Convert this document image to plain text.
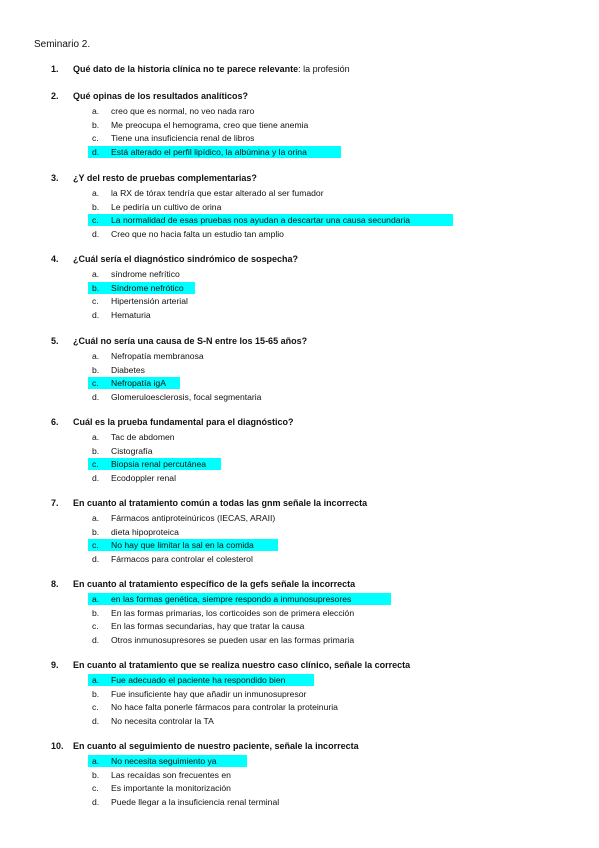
Seminario 2.
1.	Qué dato de la historia clínica no te parece relevante: la profesión
2.	Qué opinas de los resultados analíticos?
a. creo que es normal, no veo nada raro
b. Me preocupa el hemograma, creo que tiene anemia
c. Tiene una insuficiencia renal de libros
d. Está alterado el perfil lipídico, la albúmina y la orina
3.	¿Y del resto de pruebas complementarias?
a. la RX de tórax tendría que estar alterado al ser fumador
b. Le pediría un cultivo de orina
c. La normalidad de esas pruebas nos ayudan a descartar una causa secundaria
d. Creo que no hacia falta un estudio tan amplio
4.	¿Cuál sería el diagnóstico sindrómico de sospecha?
a. síndrome nefrítico
b. Síndrome nefrótico
c. Hipertensión arterial
d. Hematuria
5.	¿Cuál no sería una causa de S-N entre los 15-65 años?
a. Nefropatía membranosa
b. Diabetes
c. Nefropatía igA
d. Glomeruloesclerosis, focal segmentaria
6.	Cuál es la prueba fundamental para el diagnóstico?
a. Tac de abdomen
b. Cistografía
c. Biopsia renal percutánea
d. Ecodoppler renal
7.	En cuanto al tratamiento común a todas las gnm señale la incorrecta
a. Fármacos antiproteinúricos (IECAS, ARAII)
b. dieta hipoproteica
c. No hay que limitar la sal en la comida
d. Fármacos para controlar el colesterol
8.	En cuanto al tratamiento específico de la gefs señale la incorrecta
a. en las formas genética, siempre respondo a inmunosupresores
b. En las formas primarias, los corticoides son de primera elección
c. En las formas secundarias, hay que tratar la causa
d. Otros inmunosupresores se pueden usar en las formas primaria
9.	En cuanto al tratamiento que se realiza nuestro caso clínico, señale la correcta
a. Fue adecuado el paciente ha respondido bien
b. Fue insuficiente hay que añadir un inmunosupresor
c. No hace falta ponerle fármacos para controlar la proteinuria
d. No necesita controlar la TA
10.	En cuanto al seguimiento de nuestro paciente, señale la incorrecta
a. No necesita seguimiento ya
b. Las recaídas son frecuentes en
c. Es importante la monitorización
d. Puede llegar a la insuficiencia renal terminal
